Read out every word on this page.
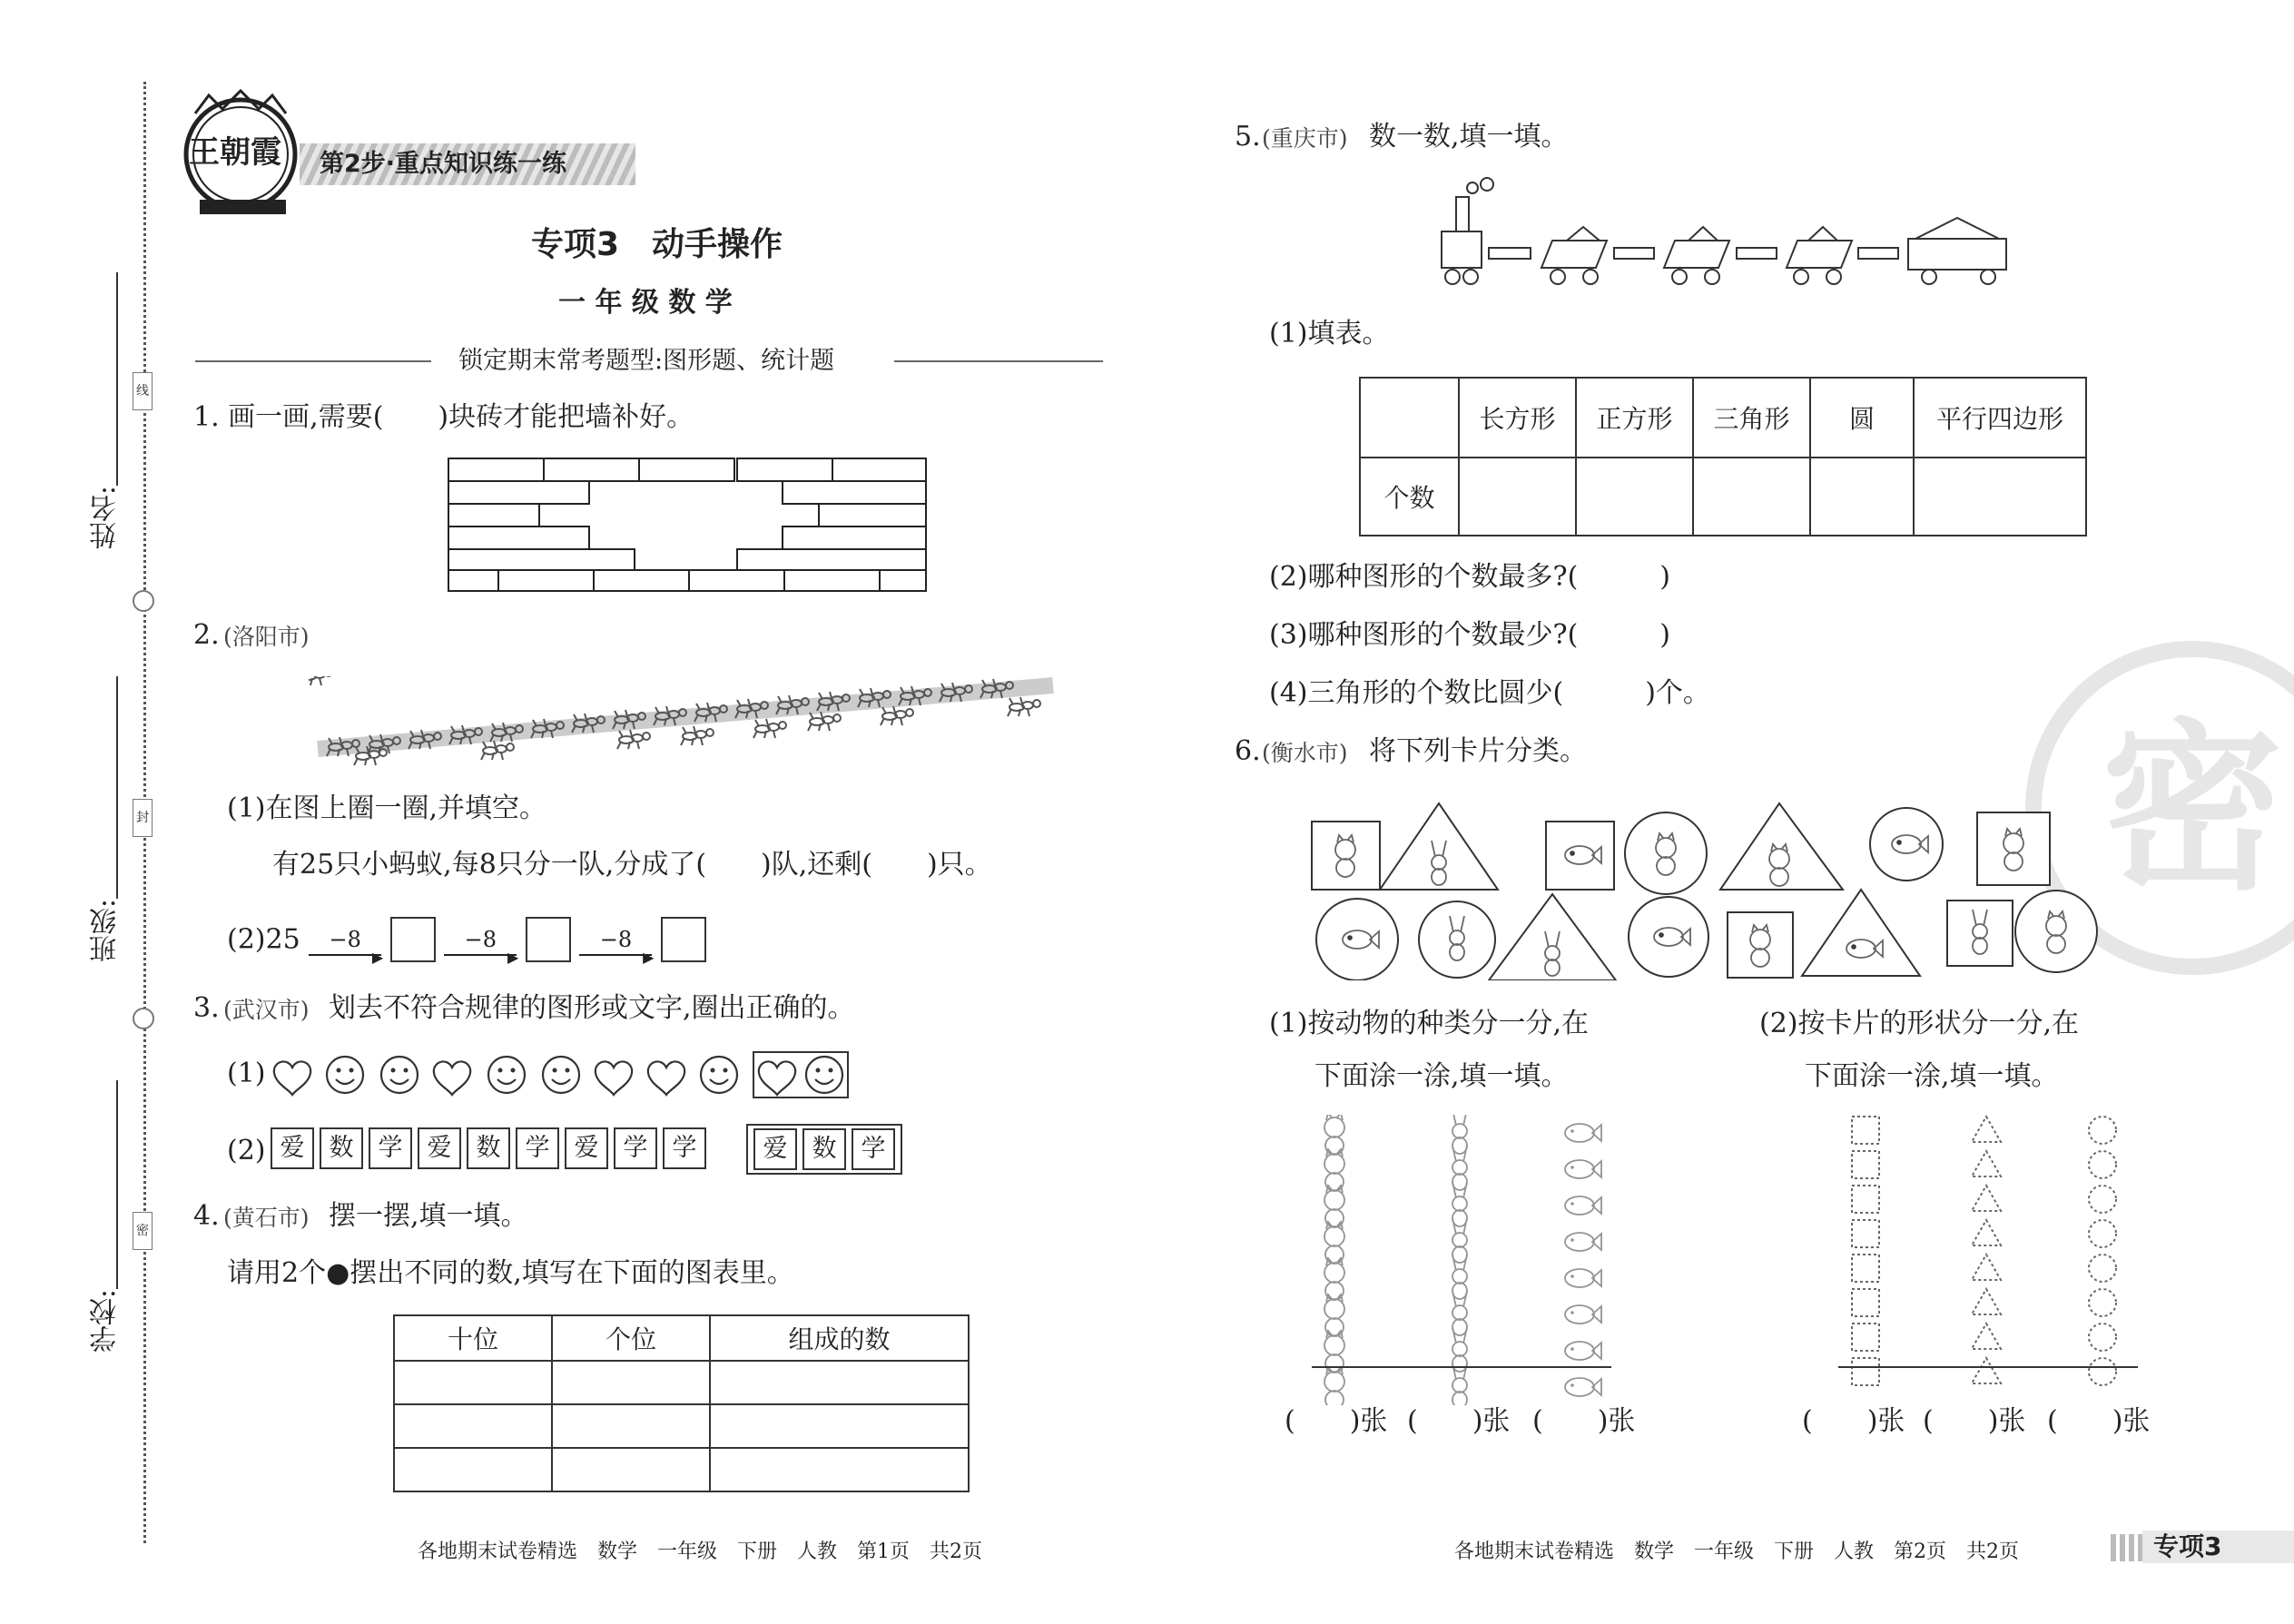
线
封
密
姓名:
班级:
学校:
王朝霞 第2步·重点知识练一练
专项3　动手操作
一 年 级 数 学
锁定期末常考题型:图形题、统计题
1. 画一画,需要(　　)块砖才能把墙补好。
2. (洛阳市)
(1)在图上圈一圈,并填空。
有25只小蚂蚁,每8只分一队,分成了(　　)队,还剩(　　)只。
(2)25 −8
▶
−8
▶
−8
▶

3. (武汉市) 划去不符合规律的图形或文字,圈出正确的。
(1)
(2) 爱 数 学 爱 数 学 爱 学 学	爱 数 学
4. (黄石市) 摆一摆,填一填。
请用2个●摆出不同的数,填写在下面的图表里。
十位	个位	组成的数

各地期末试卷精选　数学　一年级　下册　人教　第1页　共2页
密
5. (重庆市) 数一数,填一填。
(1)填表。
	长方形	正方形	三角形	圆	平行四边形
个数					
(2)哪种图形的个数最多?(　　　)
(3)哪种图形的个数最少?(　　　)
(4)三角形的个数比圆少(　　　)个。
6. (衡水市) 将下列卡片分类。
(1)按动物的种类分一分,在
下面涂一涂,填一填。
(2)按卡片的形状分一分,在
下面涂一涂,填一填。
(　　)张 (　　)张 (　　)张	(　　)张 (　　)张 (　　)张
各地期末试卷精选　数学　一年级　下册　人教　第2页　共2页	专项3
